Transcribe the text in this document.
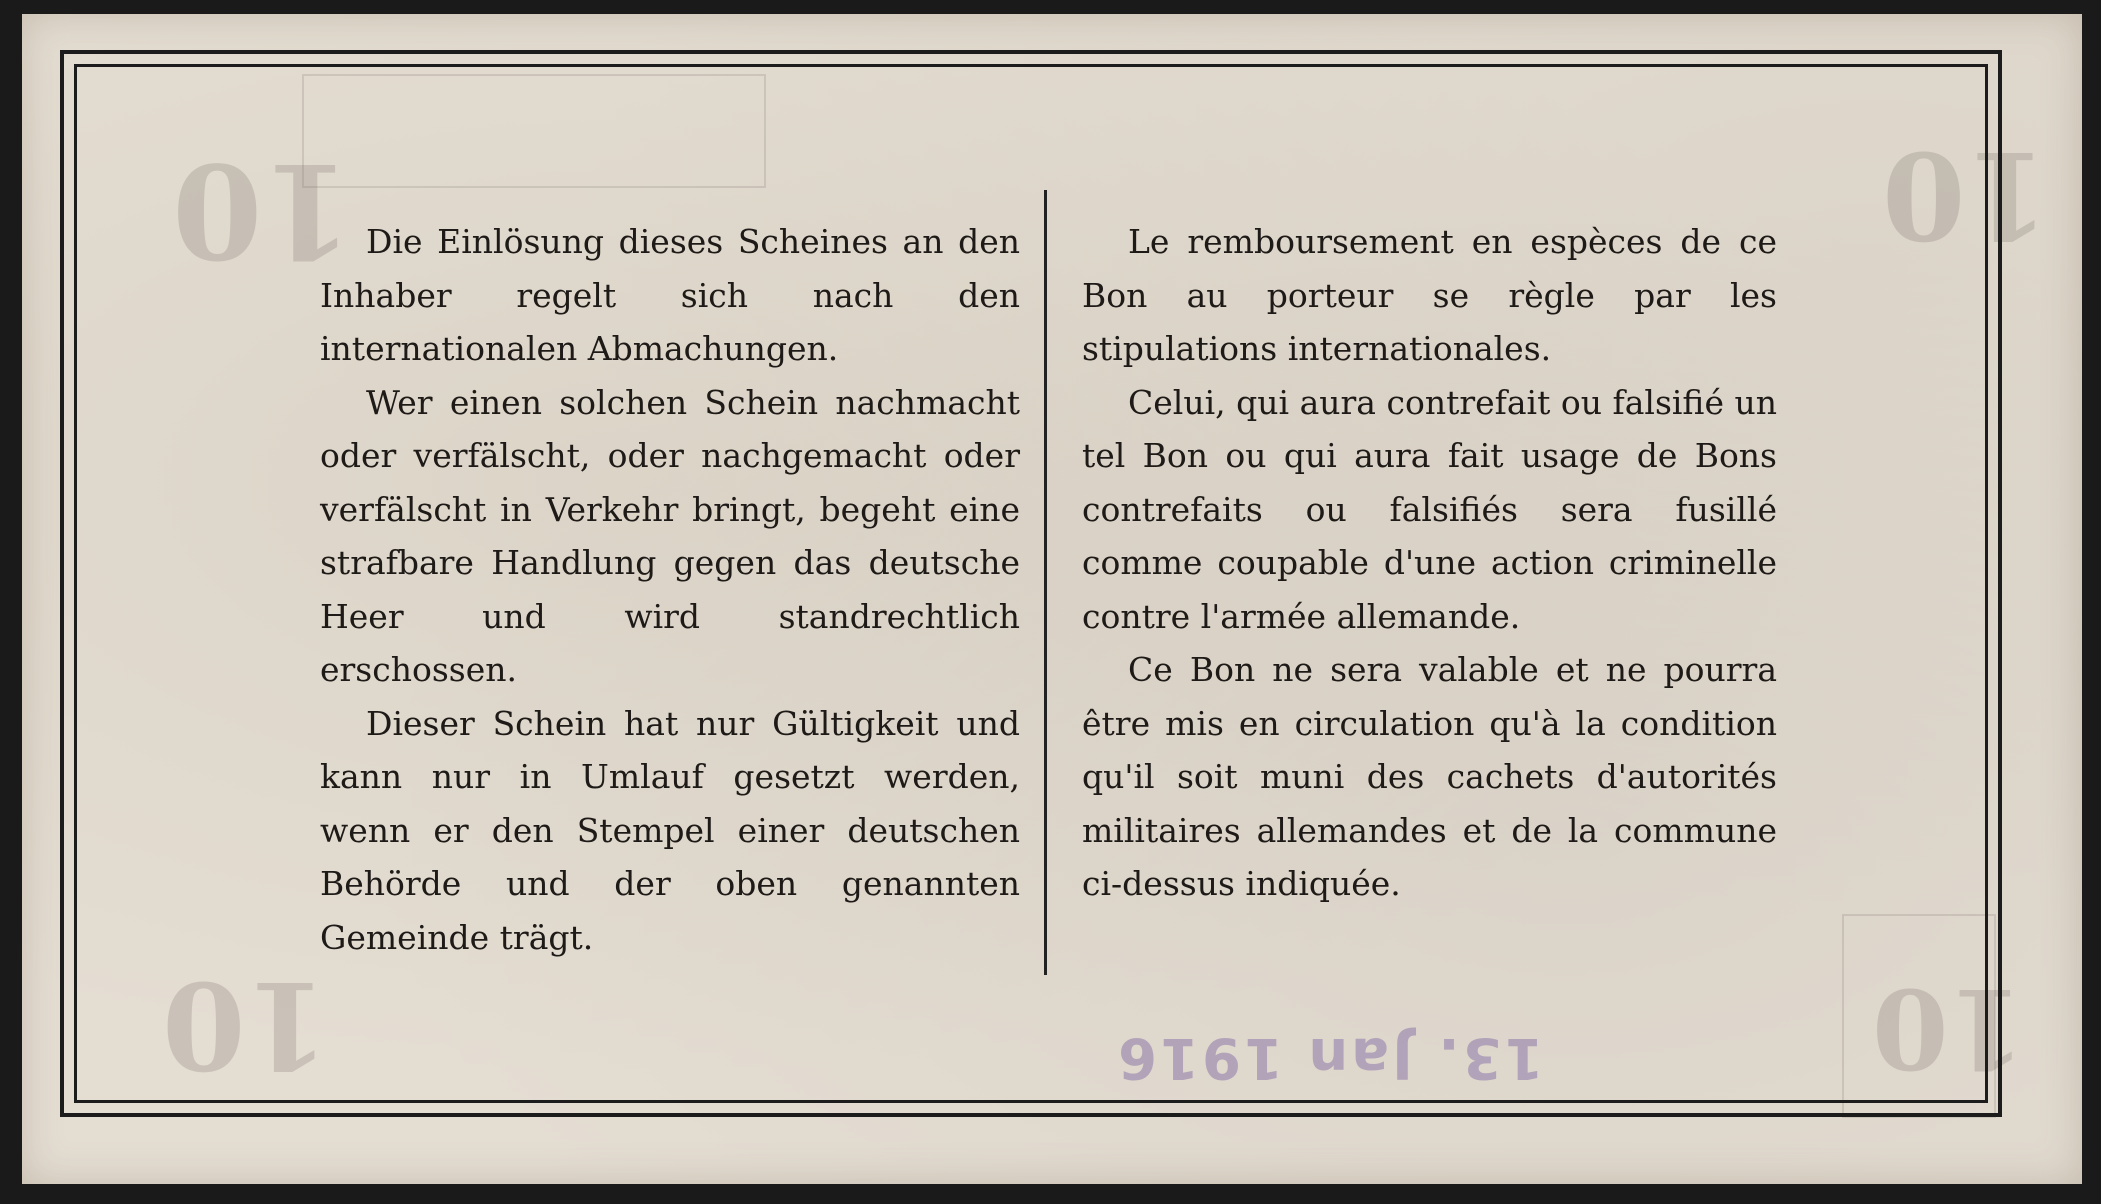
10
10
10
10

Die Einlösung dieses Scheines an den Inhaber regelt sich nach den internationalen Abmachungen.

Wer einen solchen Schein nachmacht oder verfälscht, oder nachgemacht oder verfälscht in Verkehr bringt, begeht eine strafbare Handlung gegen das deutsche Heer und wird standrechtlich erschossen.

Dieser Schein hat nur Gültigkeit und kann nur in Umlauf gesetzt werden, wenn er den Stempel einer deutschen Behörde und der oben genannten Gemeinde trägt.

Le remboursement en espèces de ce Bon au porteur se règle par les stipulations internationales.

Celui, qui aura contrefait ou falsifié un tel Bon ou qui aura fait usage de Bons contrefaits ou falsifiés sera fusillé comme coupable d'une action criminelle contre l'armée allemande.

Ce Bon ne sera valable et ne pourra être mis en circulation qu'à la condition qu'il soit muni des cachets d'autorités militaires allemandes et de la commune ci-dessus indiquée.

13. Jan 1916
